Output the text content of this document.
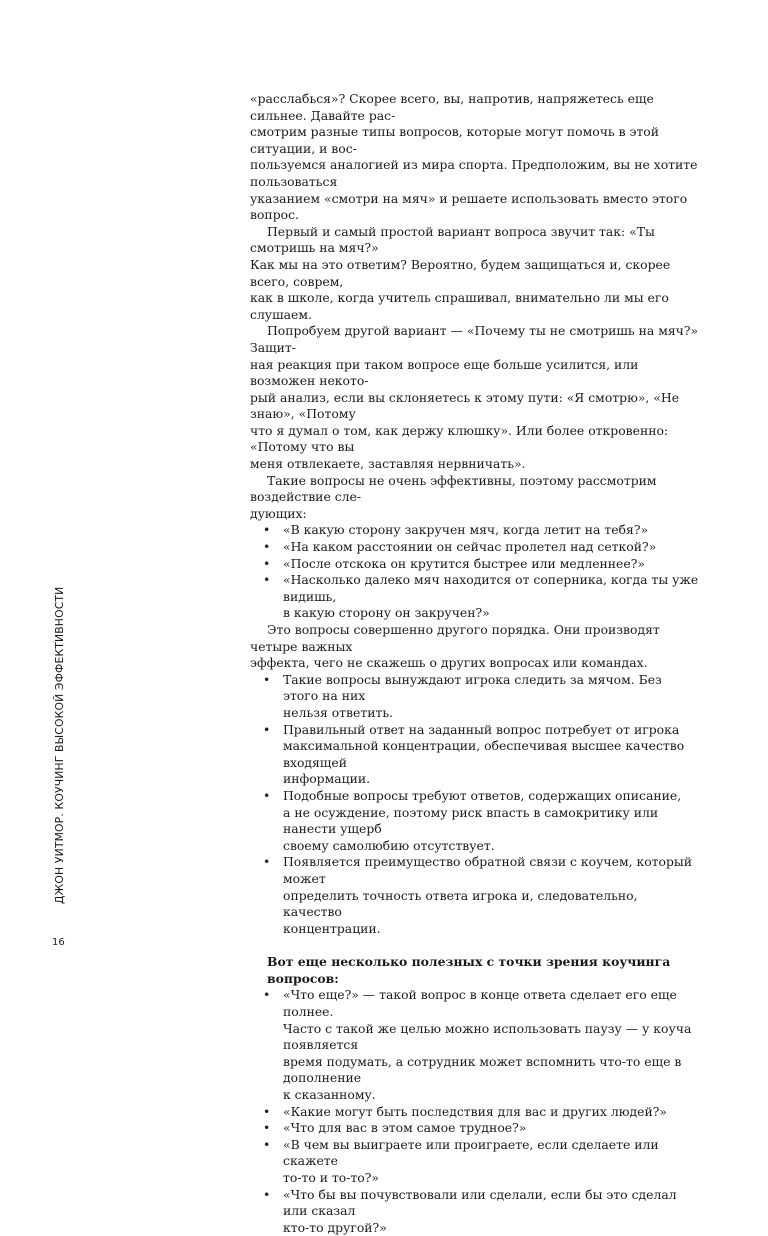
«расслабься»? Скорее всего, вы, напротив, напряжетесь еще сильнее. Давайте рас-
смотрим разные типы вопросов, которые могут помочь в этой ситуации, и вос-
пользуемся аналогией из мира спорта. Предположим, вы не хотите пользоваться
указанием «смотри на мяч» и решаете использовать вместо этого вопрос.

Первый и самый простой вариант вопроса звучит так: «Ты смотришь на мяч?»
Как мы на это ответим? Вероятно, будем защищаться и, скорее всего, соврем,
как в школе, когда учитель спрашивал, внимательно ли мы его слушаем.

Попробуем другой вариант — «Почему ты не смотришь на мяч?» Защит-
ная реакция при таком вопросе еще больше усилится, или возможен некото-
рый анализ, если вы склоняетесь к этому пути: «Я смотрю», «Не знаю», «Потому
что я думал о том, как держу клюшку». Или более откровенно: «Потому что вы
меня отвлекаете, заставляя нервничать».

Такие вопросы не очень эффективны, поэтому рассмотрим воздействие сле-
дующих:

• «В какую сторону закручен мяч, когда летит на тебя?»
• «На каком расстоянии он сейчас пролетел над сеткой?»
• «После отскока он крутится быстрее или медленнее?»
• «Насколько далеко мяч находится от соперника, когда ты уже видишь,
в какую сторону он закручен?»

Это вопросы совершенно другого порядка. Они производят четыре важных
эффекта, чего не скажешь о других вопросах или командах.

• Такие вопросы вынуждают игрока следить за мячом. Без этого на них
нельзя ответить.
• Правильный ответ на заданный вопрос потребует от игрока
максимальной концентрации, обеспечивая высшее качество входящей
информации.
• Подобные вопросы требуют ответов, содержащих описание,
а не осуждение, поэтому риск впасть в самокритику или нанести ущерб
своему самолюбию отсутствует.
• Появляется преимущество обратной связи с коучем, который может
определить точность ответа игрока и, следовательно, качество
концентрации.

Вот еще несколько полезных с точки зрения коучинга вопросов:

• «Что еще?» — такой вопрос в конце ответа сделает его еще полнее.
Часто с такой же целью можно использовать паузу — у коуча появляется
время подумать, а сотрудник может вспомнить что-то еще в дополнение
к сказанному.
• «Какие могут быть последствия для вас и других людей?»
• «Что для вас в этом самое трудное?»
• «В чем вы выиграете или проиграете, если сделаете или скажете
то-то и то-то?»
• «Что бы вы почувствовали или сделали, если бы это сделал или сказал
кто-то другой?»
ДЖОН УИТМОР. КОУЧИНГ ВЫСОКОЙ ЭФФЕКТИВНОСТИ
16
